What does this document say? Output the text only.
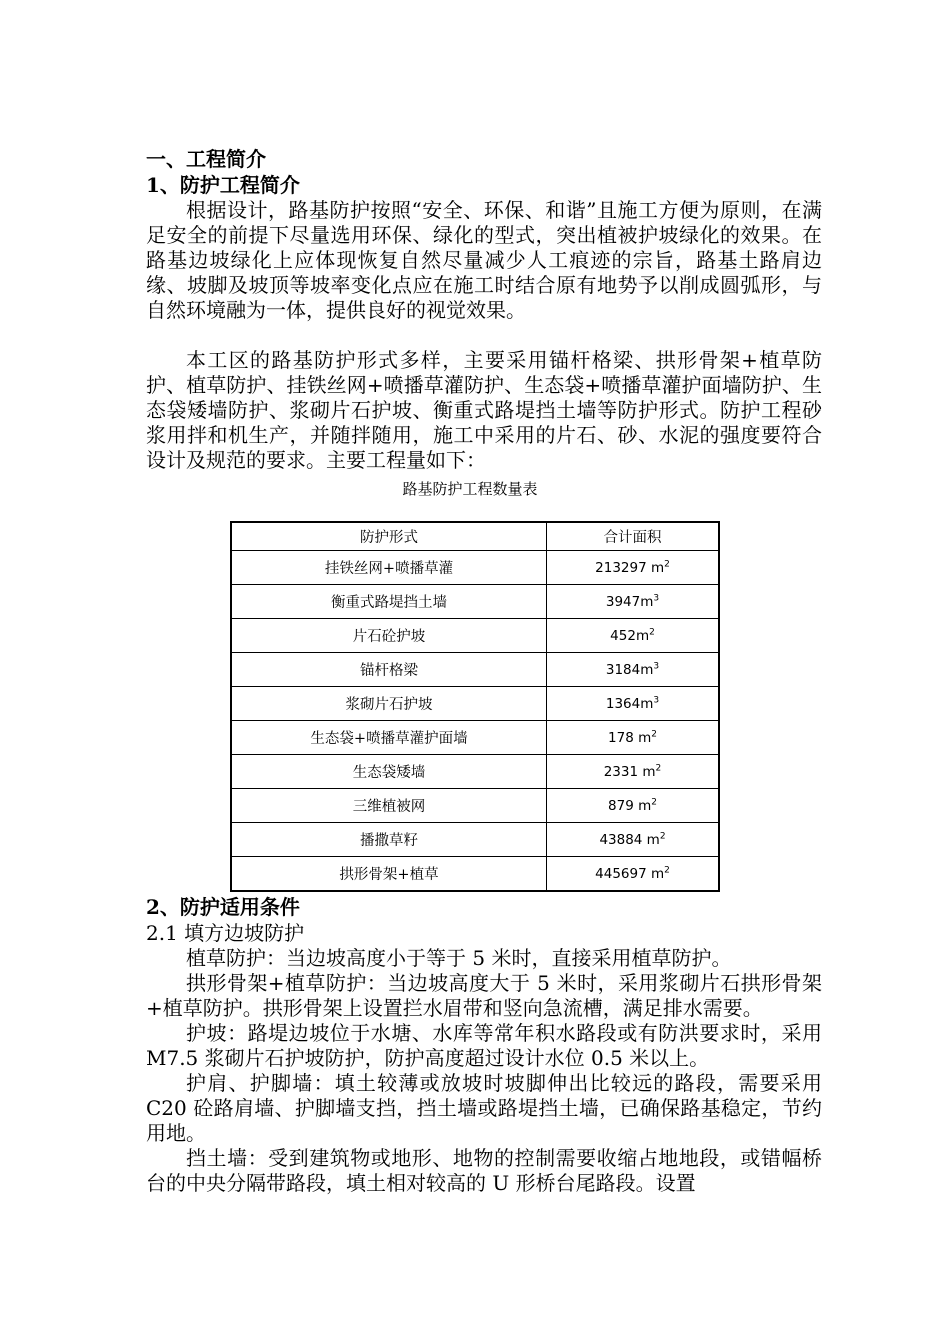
一、工程简介

1、防护工程简介

根据设计，路基防护按照“安全、环保、和谐”且施工方便为原则，在满足安全的前提下尽量选用环保、绿化的型式，突出植被护坡绿化的效果。在路基边坡绿化上应体现恢复自然尽量减少人工痕迹的宗旨，路基土路肩边缘、坡脚及坡顶等坡率变化点应在施工时结合原有地势予以削成圆弧形，与自然环境融为一体，提供良好的视觉效果。

本工区的路基防护形式多样，主要采用锚杆格梁、拱形骨架+植草防护、植草防护、挂铁丝网+喷播草灌防护、生态袋+喷播草灌护面墙防护、生态袋矮墙防护、浆砌片石护坡、衡重式路堤挡土墙等防护形式。防护工程砂浆用拌和机生产，并随拌随用，施工中采用的片石、砂、水泥的强度要符合设计及规范的要求。主要工程量如下：

路基防护工程数量表

防护形式	合计面积
挂铁丝网+喷播草灌	213297 $m^2$
衡重式路堤挡土墙	$3947m^3$
片石砼护坡	$452m^2$
锚杆格梁	$3184m^3$
浆砌片石护坡	$1364m^3$
生态袋+喷播草灌护面墙	178 $m^2$
生态袋矮墙	2331 $m^2$
三维植被网	879 $m^2$
播撒草籽	43884 $m^2$
拱形骨架+植草	445697 $m^2$

2、防护适用条件

2.1 填方边坡防护

植草防护：当边坡高度小于等于 5 米时，直接采用植草防护。

拱形骨架+植草防护：当边坡高度大于 5 米时，采用浆砌片石拱形骨架+植草防护。拱形骨架上设置拦水眉带和竖向急流槽，满足排水需要。

护坡：路堤边坡位于水塘、水库等常年积水路段或有防洪要求时，采用 M7.5 浆砌片石护坡防护，防护高度超过设计水位 0.5 米以上。

护肩、护脚墙：填土较薄或放坡时坡脚伸出比较远的路段，需要采用 C20 砼路肩墙、护脚墙支挡，挡土墙或路堤挡土墙，已确保路基稳定，节约用地。

挡土墙：受到建筑物或地形、地物的控制需要收缩占地地段，或错幅桥台的中央分隔带路段，填土相对较高的 U 形桥台尾路段。设置
